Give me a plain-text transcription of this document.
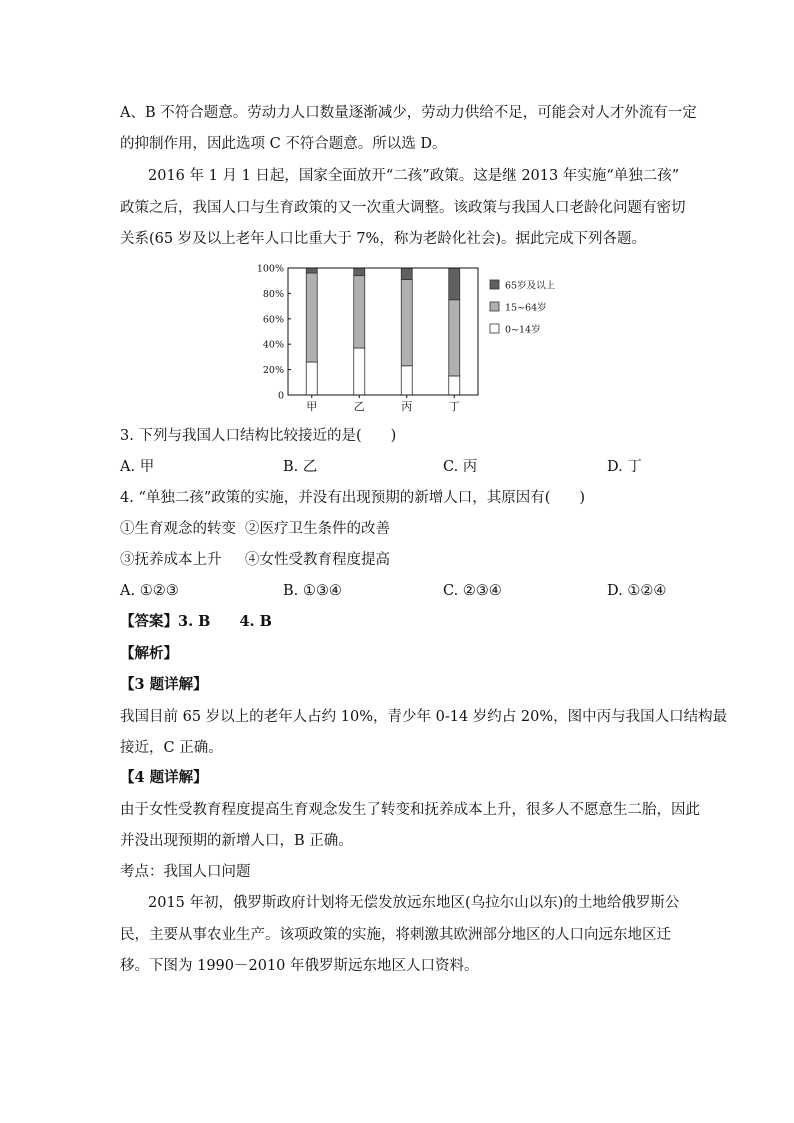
A、B 不符合题意。劳动力人口数量逐渐减少，劳动力供给不足，可能会对人才外流有一定
的抑制作用，因此选项 C 不符合题意。所以选 D。
2016 年 1 月 1 日起，国家全面放开“二孩”政策。这是继 2013 年实施“单独二孩”
政策之后，我国人口与生育政策的又一次重大调整。该政策与我国人口老龄化问题有密切
关系(65 岁及以上老年人口比重大于 7%，称为老龄化社会)。据此完成下列各题。
0
20%
40%
60%
80%
100%
甲	乙	丙	丁
65岁及以上
15~64岁
0~14岁
3. 下列与我国人口结构比较接近的是(　　)
A. 甲	B. 乙	C. 丙	D. 丁
4. “单独二孩”政策的实施，并没有出现预期的新增人口，其原因有(　　)
①生育观念的转变 ②医疗卫生条件的改善
③抚养成本上升 ④女性受教育程度提高
A. ①②③	B. ①③④	C. ②③④	D. ①②④
【答案】3. B　　4. B
【解析】
【3 题详解】
我国目前 65 岁以上的老年人占约 10%，青少年 0-14 岁约占 20%，图中丙与我国人口结构最
接近，C 正确。
【4 题详解】
由于女性受教育程度提高生育观念发生了转变和抚养成本上升，很多人不愿意生二胎，因此
并没出现预期的新增人口，B 正确。
考点：我国人口问题
2015 年初，俄罗斯政府计划将无偿发放远东地区(乌拉尔山以东)的土地给俄罗斯公
民，主要从事农业生产。该项政策的实施，将刺激其欧洲部分地区的人口向远东地区迁
移。下图为 1990－2010 年俄罗斯远东地区人口资料。
